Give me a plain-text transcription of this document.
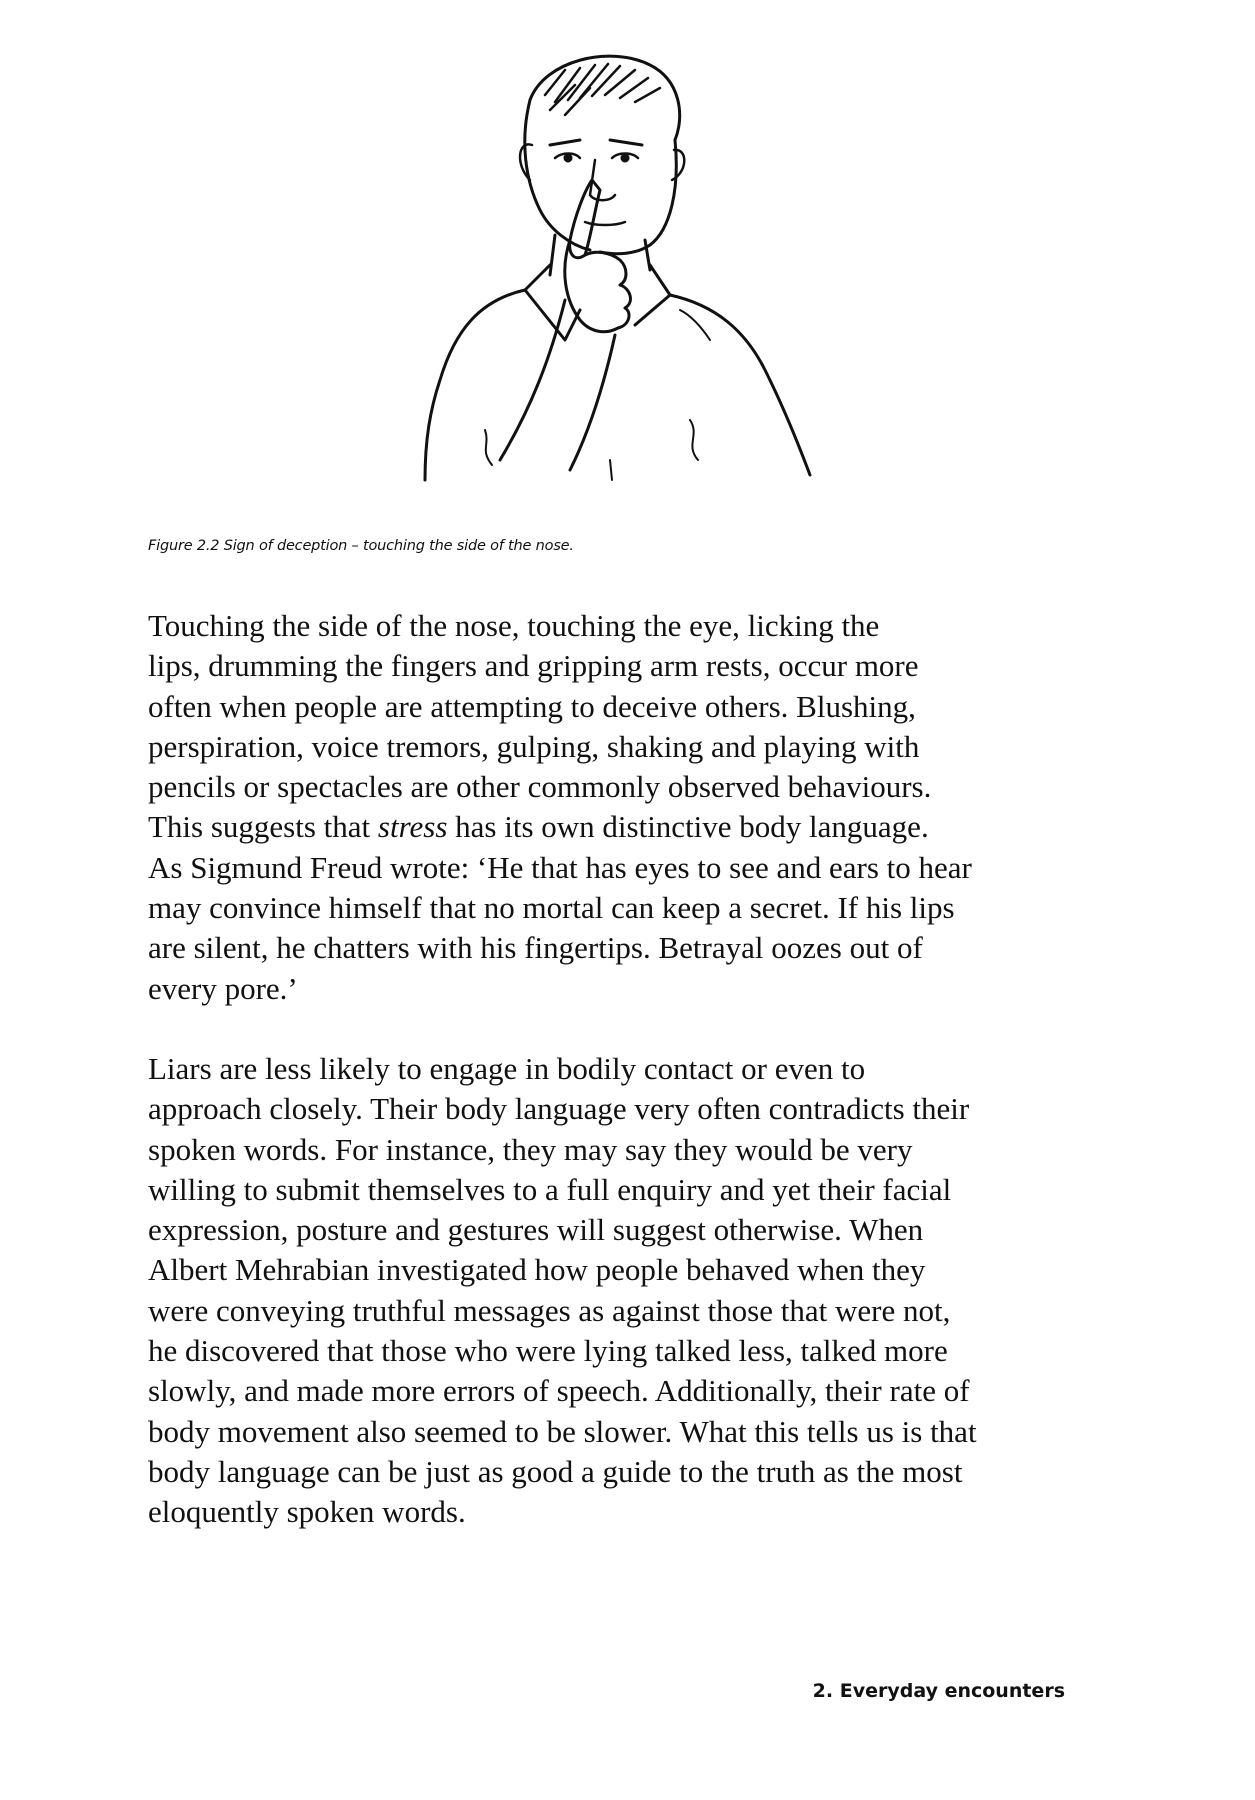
Figure 2.2 Sign of deception – touching the side of the nose.

Touching the side of the nose, touching the eye, licking the
lips, drumming the fingers and gripping arm rests, occur more
often when people are attempting to deceive others. Blushing,
perspiration, voice tremors, gulping, shaking and playing with
pencils or spectacles are other commonly observed behaviours.
This suggests that stress has its own distinctive body language.
As Sigmund Freud wrote: ‘He that has eyes to see and ears to hear
may convince himself that no mortal can keep a secret. If his lips
are silent, he chatters with his fingertips. Betrayal oozes out of
every pore.’

Liars are less likely to engage in bodily contact or even to
approach closely. Their body language very often contradicts their
spoken words. For instance, they may say they would be very
willing to submit themselves to a full enquiry and yet their facial
expression, posture and gestures will suggest otherwise. When
Albert Mehrabian investigated how people behaved when they
were conveying truthful messages as against those that were not,
he discovered that those who were lying talked less, talked more
slowly, and made more errors of speech. Additionally, their rate of
body movement also seemed to be slower. What this tells us is that
body language can be just as good a guide to the truth as the most
eloquently spoken words.

2. Everyday encounters
